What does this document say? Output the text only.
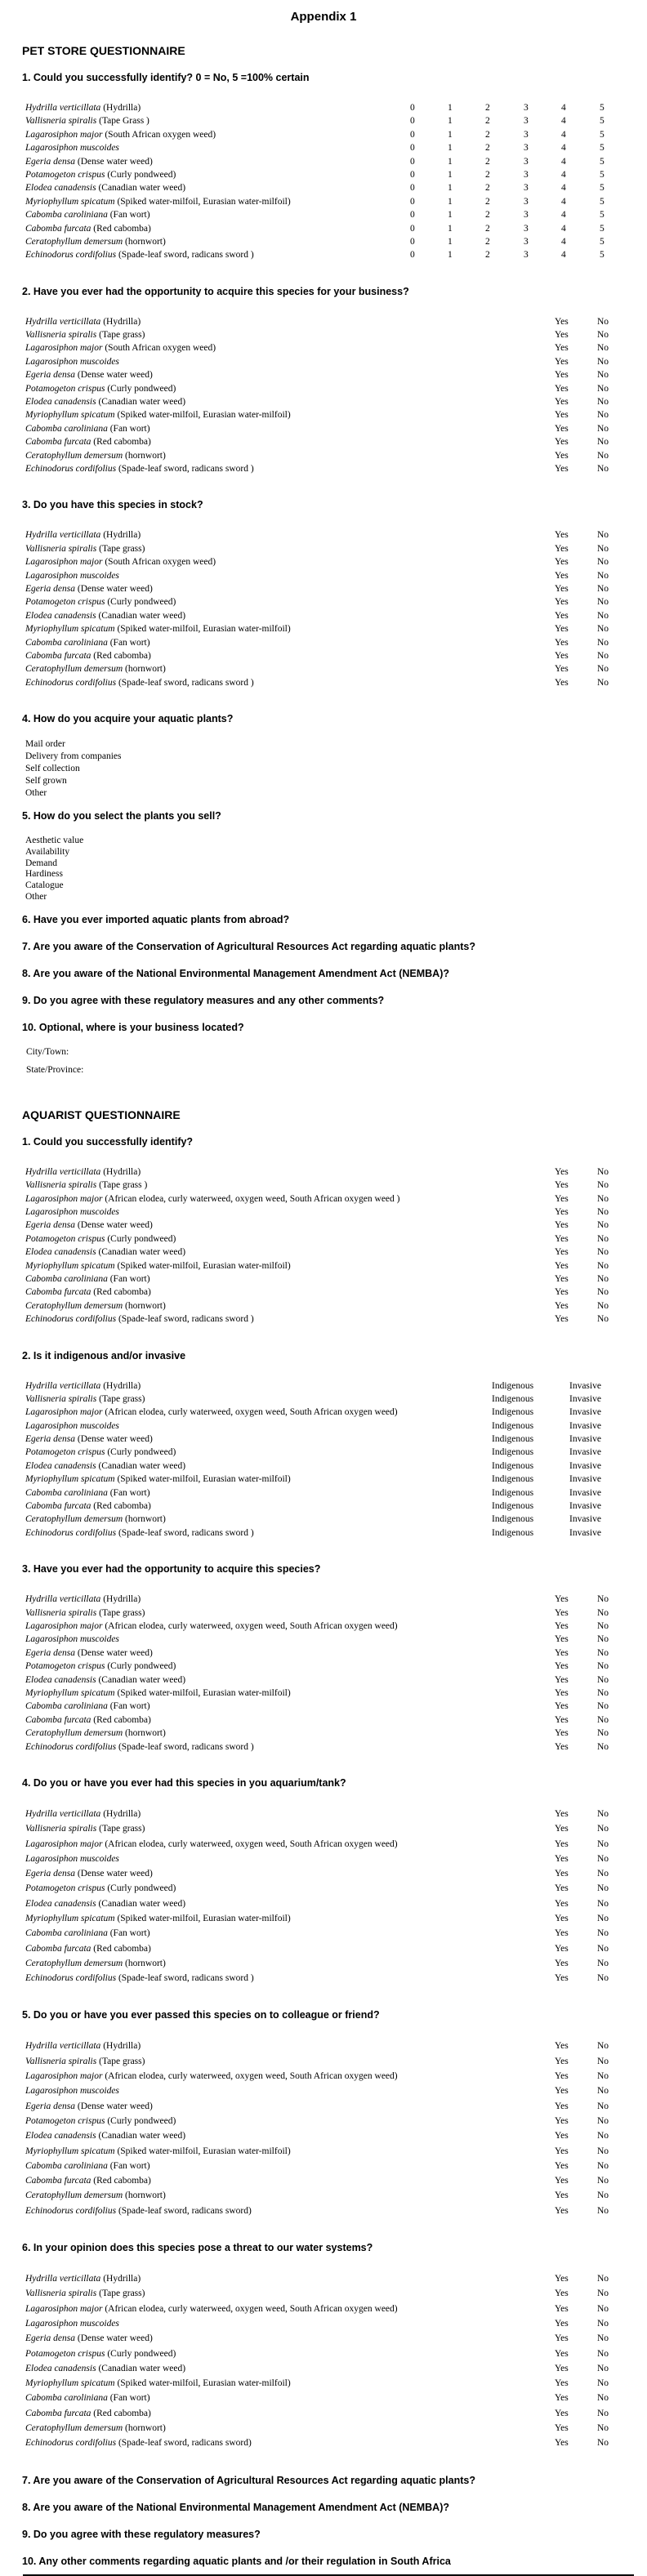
Appendix 1
PET STORE QUESTIONNAIRE
1. Could you successfully identify? 0 = No, 5 =100% certain
Hydrilla verticillata (Hydrilla)	0	1	2	3	4	5
Vallisneria spiralis (Tape Grass )	0	1	2	3	4	5
Lagarosiphon major (South African oxygen weed)	0	1	2	3	4	5
Lagarosiphon muscoides	0	1	2	3	4	5
Egeria densa (Dense water weed)	0	1	2	3	4	5
Potamogeton crispus (Curly pondweed)	0	1	2	3	4	5
Elodea canadensis (Canadian water weed)	0	1	2	3	4	5
Myriophyllum spicatum (Spiked water-milfoil, Eurasian water-milfoil)	0	1	2	3	4	5
Cabomba caroliniana (Fan wort)	0	1	2	3	4	5
Cabomba furcata (Red cabomba)	0	1	2	3	4	5
Ceratophyllum demersum (hornwort)	0	1	2	3	4	5
Echinodorus cordifolius (Spade-leaf sword, radicans sword )	0	1	2	3	4	5
2. Have you ever had the opportunity to acquire this species for your business?
Hydrilla verticillata (Hydrilla)	Yes	No
Vallisneria spiralis (Tape grass)	Yes	No
Lagarosiphon major (South African oxygen weed)	Yes	No
Lagarosiphon muscoides	Yes	No
Egeria densa (Dense water weed)	Yes	No
Potamogeton crispus (Curly pondweed)	Yes	No
Elodea canadensis (Canadian water weed)	Yes	No
Myriophyllum spicatum (Spiked water-milfoil, Eurasian water-milfoil)	Yes	No
Cabomba caroliniana (Fan wort)	Yes	No
Cabomba furcata (Red cabomba)	Yes	No
Ceratophyllum demersum (hornwort)	Yes	No
Echinodorus cordifolius (Spade-leaf sword, radicans sword )	Yes	No
3. Do you have this species in stock?
Hydrilla verticillata (Hydrilla)	Yes	No
Vallisneria spiralis (Tape grass)	Yes	No
Lagarosiphon major (South African oxygen weed)	Yes	No
Lagarosiphon muscoides	Yes	No
Egeria densa (Dense water weed)	Yes	No
Potamogeton crispus (Curly pondweed)	Yes	No
Elodea canadensis (Canadian water weed)	Yes	No
Myriophyllum spicatum (Spiked water-milfoil, Eurasian water-milfoil)	Yes	No
Cabomba caroliniana (Fan wort)	Yes	No
Cabomba furcata (Red cabomba)	Yes	No
Ceratophyllum demersum (hornwort)	Yes	No
Echinodorus cordifolius (Spade-leaf sword, radicans sword )	Yes	No
4. How do you acquire your aquatic plants?
Mail order
Delivery from companies
Self collection
Self grown
Other
5. How do you select the plants you sell?
Aesthetic value
Availability
Demand
Hardiness
Catalogue
Other
6. Have you ever imported aquatic plants from abroad?
7. Are you aware of the Conservation of Agricultural Resources Act regarding aquatic plants?
8. Are you aware of the National Environmental Management Amendment Act (NEMBA)?
9. Do you agree with these regulatory measures and any other comments?
10. Optional, where is your business located?
City/Town:
State/Province:
AQUARIST QUESTIONNAIRE
1. Could you successfully identify?
Hydrilla verticillata (Hydrilla)	Yes	No
Vallisneria spiralis (Tape grass )	Yes	No
Lagarosiphon major (African elodea, curly waterweed, oxygen weed, South African oxygen weed )	Yes	No
Lagarosiphon muscoides	Yes	No
Egeria densa (Dense water weed)	Yes	No
Potamogeton crispus (Curly pondweed)	Yes	No
Elodea canadensis (Canadian water weed)	Yes	No
Myriophyllum spicatum (Spiked water-milfoil, Eurasian water-milfoil)	Yes	No
Cabomba caroliniana (Fan wort)	Yes	No
Cabomba furcata (Red cabomba)	Yes	No
Ceratophyllum demersum (hornwort)	Yes	No
Echinodorus cordifolius (Spade-leaf sword, radicans sword )	Yes	No
2. Is it indigenous and/or invasive
Hydrilla verticillata (Hydrilla)	Indigenous	Invasive
Vallisneria spiralis (Tape grass)	Indigenous	Invasive
Lagarosiphon major (African elodea, curly waterweed, oxygen weed, South African oxygen weed)	Indigenous	Invasive
Lagarosiphon muscoides	Indigenous	Invasive
Egeria densa (Dense water weed)	Indigenous	Invasive
Potamogeton crispus (Curly pondweed)	Indigenous	Invasive
Elodea canadensis (Canadian water weed)	Indigenous	Invasive
Myriophyllum spicatum (Spiked water-milfoil, Eurasian water-milfoil)	Indigenous	Invasive
Cabomba caroliniana (Fan wort)	Indigenous	Invasive
Cabomba furcata (Red cabomba)	Indigenous	Invasive
Ceratophyllum demersum (hornwort)	Indigenous	Invasive
Echinodorus cordifolius (Spade-leaf sword, radicans sword )	Indigenous	Invasive
3. Have you ever had the opportunity to acquire this species?
Hydrilla verticillata (Hydrilla)	Yes	No
Vallisneria spiralis (Tape grass)	Yes	No
Lagarosiphon major (African elodea, curly waterweed, oxygen weed, South African oxygen weed)	Yes	No
Lagarosiphon muscoides	Yes	No
Egeria densa (Dense water weed)	Yes	No
Potamogeton crispus (Curly pondweed)	Yes	No
Elodea canadensis (Canadian water weed)	Yes	No
Myriophyllum spicatum (Spiked water-milfoil, Eurasian water-milfoil)	Yes	No
Cabomba caroliniana (Fan wort)	Yes	No
Cabomba furcata (Red cabomba)	Yes	No
Ceratophyllum demersum (hornwort)	Yes	No
Echinodorus cordifolius (Spade-leaf sword, radicans sword )	Yes	No
4. Do you or have you ever had this species in you aquarium/tank?
Hydrilla verticillata (Hydrilla)	Yes	No
Vallisneria spiralis (Tape grass)	Yes	No
Lagarosiphon major (African elodea, curly waterweed, oxygen weed, South African oxygen weed)	Yes	No
Lagarosiphon muscoides	Yes	No
Egeria densa (Dense water weed)	Yes	No
Potamogeton crispus (Curly pondweed)	Yes	No
Elodea canadensis (Canadian water weed)	Yes	No
Myriophyllum spicatum (Spiked water-milfoil, Eurasian water-milfoil)	Yes	No
Cabomba caroliniana (Fan wort)	Yes	No
Cabomba furcata (Red cabomba)	Yes	No
Ceratophyllum demersum (hornwort)	Yes	No
Echinodorus cordifolius (Spade-leaf sword, radicans sword )	Yes	No
5. Do you or have you ever passed this species on to colleague or friend?
Hydrilla verticillata (Hydrilla)	Yes	No
Vallisneria spiralis (Tape grass)	Yes	No
Lagarosiphon major (African elodea, curly waterweed, oxygen weed, South African oxygen weed)	Yes	No
Lagarosiphon muscoides	Yes	No
Egeria densa (Dense water weed)	Yes	No
Potamogeton crispus (Curly pondweed)	Yes	No
Elodea canadensis (Canadian water weed)	Yes	No
Myriophyllum spicatum (Spiked water-milfoil, Eurasian water-milfoil)	Yes	No
Cabomba caroliniana (Fan wort)	Yes	No
Cabomba furcata (Red cabomba)	Yes	No
Ceratophyllum demersum (hornwort)	Yes	No
Echinodorus cordifolius (Spade-leaf sword, radicans sword)	Yes	No
6. In your opinion does this species pose a threat to our water systems?
Hydrilla verticillata (Hydrilla)	Yes	No
Vallisneria spiralis (Tape grass)	Yes	No
Lagarosiphon major (African elodea, curly waterweed, oxygen weed, South African oxygen weed)	Yes	No
Lagarosiphon muscoides	Yes	No
Egeria densa (Dense water weed)	Yes	No
Potamogeton crispus (Curly pondweed)	Yes	No
Elodea canadensis (Canadian water weed)	Yes	No
Myriophyllum spicatum (Spiked water-milfoil, Eurasian water-milfoil)	Yes	No
Cabomba caroliniana (Fan wort)	Yes	No
Cabomba furcata (Red cabomba)	Yes	No
Ceratophyllum demersum (hornwort)	Yes	No
Echinodorus cordifolius (Spade-leaf sword, radicans sword)	Yes	No
7. Are you aware of the Conservation of Agricultural Resources Act regarding aquatic plants?
8. Are you aware of the National Environmental Management Amendment Act (NEMBA)?
9. Do you agree with these regulatory measures?
10. Any other comments regarding aquatic plants and /or their regulation in South Africa
